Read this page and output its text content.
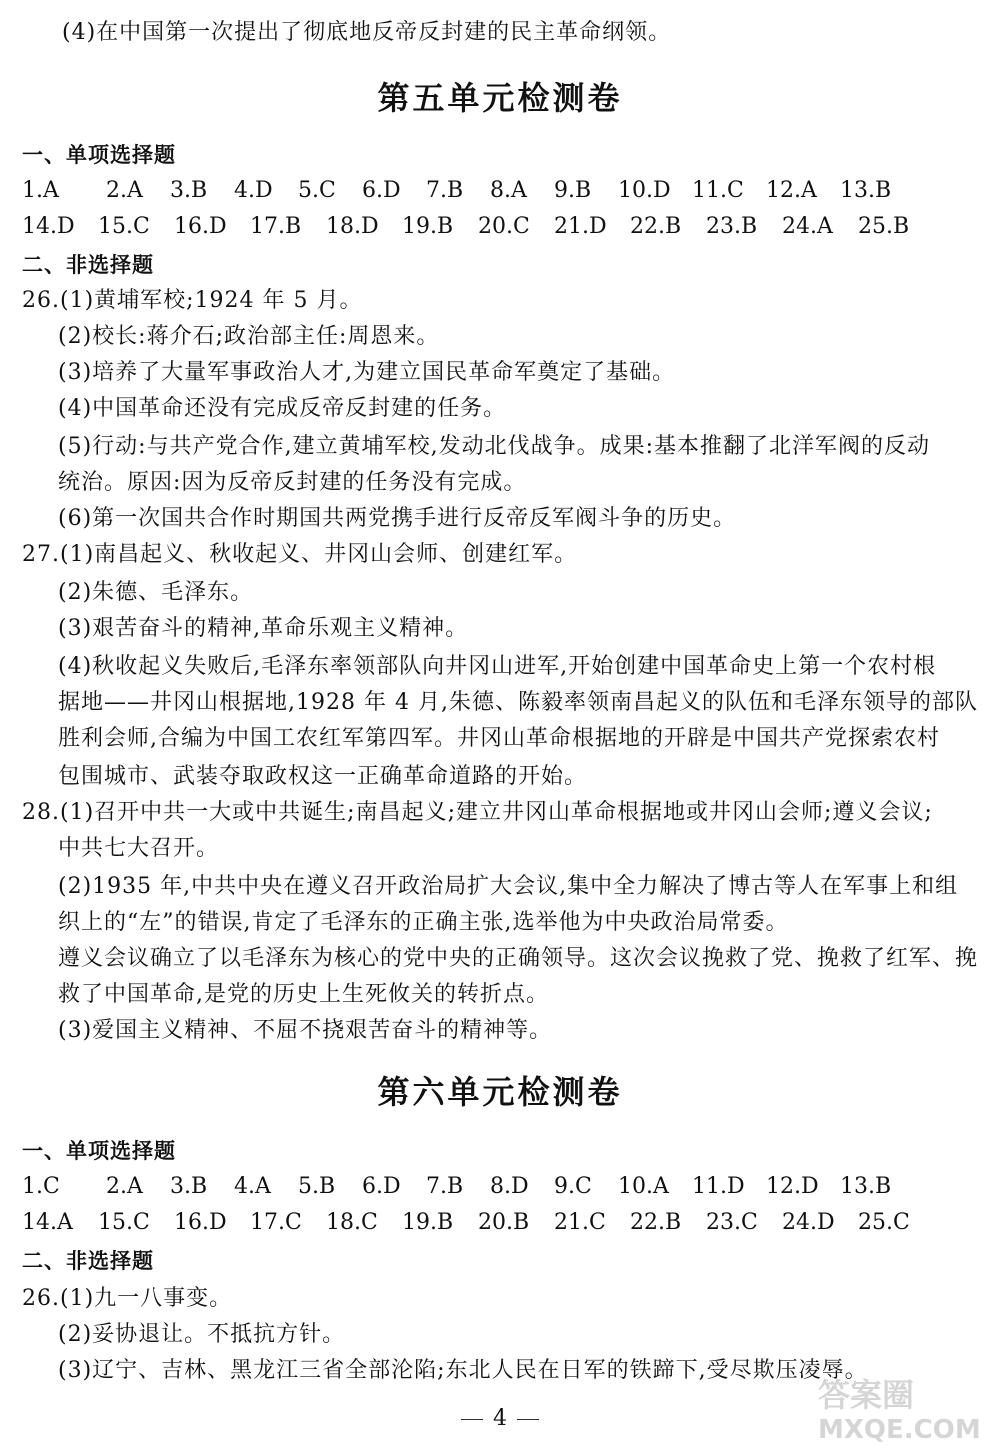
(4)在中国第一次提出了彻底地反帝反封建的民主革命纲领。
第五单元检测卷
一、单项选择题
1.A 2.A 3.B 4.D 5.C 6.D 7.B 8.A 9.B 10.D 11.C 12.A 13.B
14.D 15.C 16.D 17.B 18.D 19.B 20.C 21.D 22.B 23.B 24.A 25.B
二、非选择题
26.(1)黄埔军校;1924 年 5 月。
(2)校长:蒋介石;政治部主任:周恩来。
(3)培养了大量军事政治人才,为建立国民革命军奠定了基础。
(4)中国革命还没有完成反帝反封建的任务。
(5)行动:与共产党合作,建立黄埔军校,发动北伐战争。成果:基本推翻了北洋军阀的反动
统治。原因:因为反帝反封建的任务没有完成。
(6)第一次国共合作时期国共两党携手进行反帝反军阀斗争的历史。
27.(1)南昌起义、秋收起义、井冈山会师、创建红军。
(2)朱德、毛泽东。
(3)艰苦奋斗的精神,革命乐观主义精神。
(4)秋收起义失败后,毛泽东率领部队向井冈山进军,开始创建中国革命史上第一个农村根
据地——井冈山根据地,1928 年 4 月,朱德、陈毅率领南昌起义的队伍和毛泽东领导的部队
胜利会师,合编为中国工农红军第四军。井冈山革命根据地的开辟是中国共产党探索农村
包围城市、武装夺取政权这一正确革命道路的开始。
28.(1)召开中共一大或中共诞生;南昌起义;建立井冈山革命根据地或井冈山会师;遵义会议;
中共七大召开。
(2)1935 年,中共中央在遵义召开政治局扩大会议,集中全力解决了博古等人在军事上和组
织上的“左”的错误,肯定了毛泽东的正确主张,选举他为中央政治局常委。
遵义会议确立了以毛泽东为核心的党中央的正确领导。这次会议挽救了党、挽救了红军、挽
救了中国革命,是党的历史上生死攸关的转折点。
(3)爱国主义精神、不屈不挠艰苦奋斗的精神等。
第六单元检测卷
一、单项选择题
1.C 2.A 3.B 4.A 5.B 6.D 7.B 8.D 9.C 10.A 11.D 12.D 13.B
14.A 15.C 16.D 17.C 18.C 19.B 20.B 21.C 22.B 23.C 24.D 25.C
二、非选择题
26.(1)九一八事变。
(2)妥协退让。不抵抗方针。
(3)辽宁、吉林、黑龙江三省全部沦陷;东北人民在日军的铁蹄下,受尽欺压凌辱。
4
答案圈
MXQE.COM
